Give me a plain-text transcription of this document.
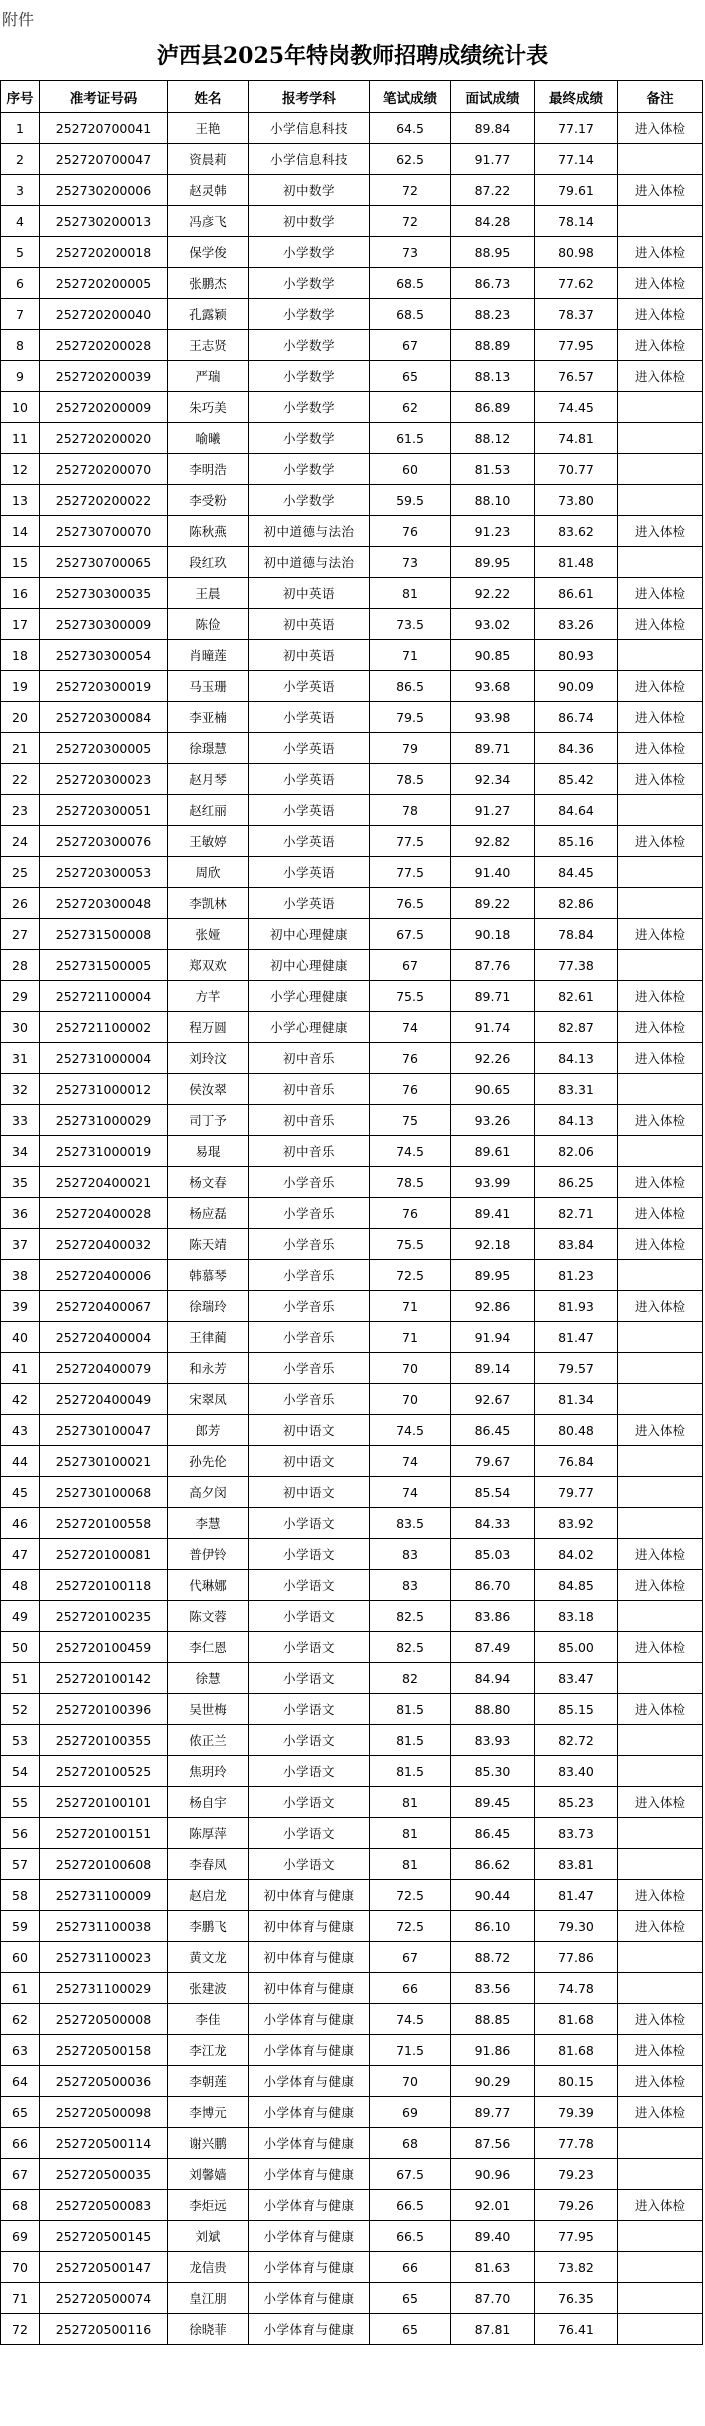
附件
泸西县2025年特岗教师招聘成绩统计表
序号	准考证号码	姓名	报考学科	笔试成绩	面试成绩	最终成绩	备注
1	252720700041	王艳	小学信息科技	64.5	89.84	77.17	进入体检
2	252720700047	资晨莉	小学信息科技	62.5	91.77	77.14	
3	252730200006	赵灵韩	初中数学	72	87.22	79.61	进入体检
4	252730200013	冯彦飞	初中数学	72	84.28	78.14	
5	252720200018	保学俊	小学数学	73	88.95	80.98	进入体检
6	252720200005	张鹏杰	小学数学	68.5	86.73	77.62	进入体检
7	252720200040	孔露颖	小学数学	68.5	88.23	78.37	进入体检
8	252720200028	王志贤	小学数学	67	88.89	77.95	进入体检
9	252720200039	严瑞	小学数学	65	88.13	76.57	进入体检
10	252720200009	朱巧美	小学数学	62	86.89	74.45	
11	252720200020	喻曦	小学数学	61.5	88.12	74.81	
12	252720200070	李明浩	小学数学	60	81.53	70.77	
13	252720200022	李受粉	小学数学	59.5	88.10	73.80	
14	252730700070	陈秋燕	初中道德与法治	76	91.23	83.62	进入体检
15	252730700065	段红玖	初中道德与法治	73	89.95	81.48	
16	252730300035	王晨	初中英语	81	92.22	86.61	进入体检
17	252730300009	陈俭	初中英语	73.5	93.02	83.26	进入体检
18	252730300054	肖曈莲	初中英语	71	90.85	80.93	
19	252720300019	马玉珊	小学英语	86.5	93.68	90.09	进入体检
20	252720300084	李亚楠	小学英语	79.5	93.98	86.74	进入体检
21	252720300005	徐璟慧	小学英语	79	89.71	84.36	进入体检
22	252720300023	赵月琴	小学英语	78.5	92.34	85.42	进入体检
23	252720300051	赵红丽	小学英语	78	91.27	84.64	
24	252720300076	王敏婷	小学英语	77.5	92.82	85.16	进入体检
25	252720300053	周欣	小学英语	77.5	91.40	84.45	
26	252720300048	李凯林	小学英语	76.5	89.22	82.86	
27	252731500008	张娅	初中心理健康	67.5	90.18	78.84	进入体检
28	252731500005	郑双欢	初中心理健康	67	87.76	77.38	
29	252721100004	方芊	小学心理健康	75.5	89.71	82.61	进入体检
30	252721100002	程万圆	小学心理健康	74	91.74	82.87	进入体检
31	252731000004	刘玲汶	初中音乐	76	92.26	84.13	进入体检
32	252731000012	侯汝翠	初中音乐	76	90.65	83.31	
33	252731000029	司丁予	初中音乐	75	93.26	84.13	进入体检
34	252731000019	易琨	初中音乐	74.5	89.61	82.06	
35	252720400021	杨文春	小学音乐	78.5	93.99	86.25	进入体检
36	252720400028	杨应磊	小学音乐	76	89.41	82.71	进入体检
37	252720400032	陈天靖	小学音乐	75.5	92.18	83.84	进入体检
38	252720400006	韩慕琴	小学音乐	72.5	89.95	81.23	
39	252720400067	徐瑞玲	小学音乐	71	92.86	81.93	进入体检
40	252720400004	王律蔺	小学音乐	71	91.94	81.47	
41	252720400079	和永芳	小学音乐	70	89.14	79.57	
42	252720400049	宋翠凤	小学音乐	70	92.67	81.34	
43	252730100047	郎芳	初中语文	74.5	86.45	80.48	进入体检
44	252730100021	孙先伦	初中语文	74	79.67	76.84	
45	252730100068	高夕闵	初中语文	74	85.54	79.77	
46	252720100558	李慧	小学语文	83.5	84.33	83.92	
47	252720100081	普伊铃	小学语文	83	85.03	84.02	进入体检
48	252720100118	代琳娜	小学语文	83	86.70	84.85	进入体检
49	252720100235	陈文蓉	小学语文	82.5	83.86	83.18	
50	252720100459	李仁恩	小学语文	82.5	87.49	85.00	进入体检
51	252720100142	徐慧	小学语文	82	84.94	83.47	
52	252720100396	吴世梅	小学语文	81.5	88.80	85.15	进入体检
53	252720100355	侬正兰	小学语文	81.5	83.93	82.72	
54	252720100525	焦玥玲	小学语文	81.5	85.30	83.40	
55	252720100101	杨自宇	小学语文	81	89.45	85.23	进入体检
56	252720100151	陈厚萍	小学语文	81	86.45	83.73	
57	252720100608	李春凤	小学语文	81	86.62	83.81	
58	252731100009	赵启龙	初中体育与健康	72.5	90.44	81.47	进入体检
59	252731100038	李鹏飞	初中体育与健康	72.5	86.10	79.30	进入体检
60	252731100023	黄文龙	初中体育与健康	67	88.72	77.86	
61	252731100029	张建波	初中体育与健康	66	83.56	74.78	
62	252720500008	李佳	小学体育与健康	74.5	88.85	81.68	进入体检
63	252720500158	李江龙	小学体育与健康	71.5	91.86	81.68	进入体检
64	252720500036	李朝莲	小学体育与健康	70	90.29	80.15	进入体检
65	252720500098	李博元	小学体育与健康	69	89.77	79.39	进入体检
66	252720500114	谢兴鹏	小学体育与健康	68	87.56	77.78	
67	252720500035	刘馨嫱	小学体育与健康	67.5	90.96	79.23	
68	252720500083	李炬远	小学体育与健康	66.5	92.01	79.26	进入体检
69	252720500145	刘斌	小学体育与健康	66.5	89.40	77.95	
70	252720500147	龙信贵	小学体育与健康	66	81.63	73.82	
71	252720500074	皇江朋	小学体育与健康	65	87.70	76.35	
72	252720500116	徐晓菲	小学体育与健康	65	87.81	76.41	
